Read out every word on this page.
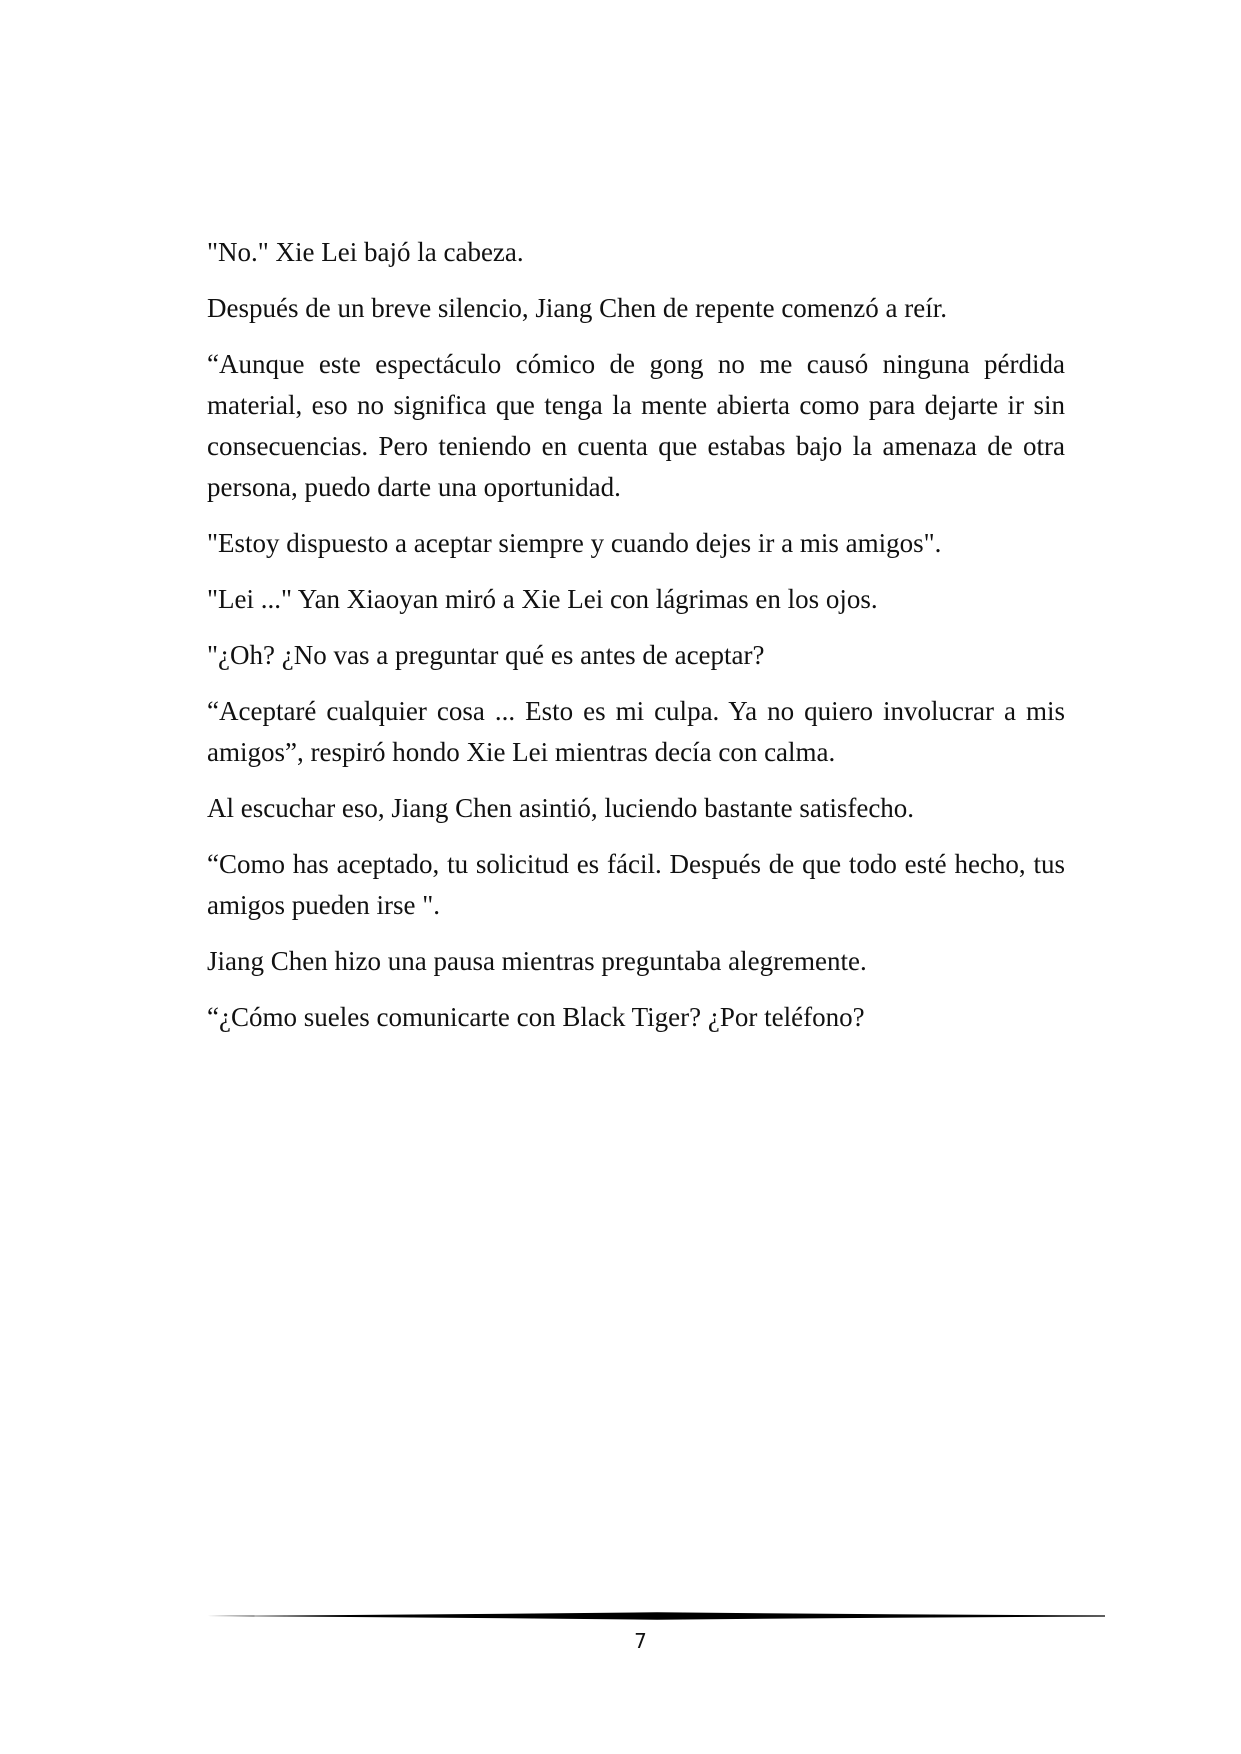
"No." Xie Lei bajó la cabeza.

Después de un breve silencio, Jiang Chen de repente comenzó a reír.

“Aunque este espectáculo cómico de gong no me causó ninguna pérdida material, eso no significa que tenga la mente abierta como para dejarte ir sin consecuencias. Pero teniendo en cuenta que estabas bajo la amenaza de otra persona, puedo darte una oportunidad.

"Estoy dispuesto a aceptar siempre y cuando dejes ir a mis amigos".

"Lei ..." Yan Xiaoyan miró a Xie Lei con lágrimas en los ojos.

"¿Oh? ¿No vas a preguntar qué es antes de aceptar?

“Aceptaré cualquier cosa ... Esto es mi culpa. Ya no quiero involucrar a mis amigos”, respiró hondo Xie Lei mientras decía con calma.

Al escuchar eso, Jiang Chen asintió, luciendo bastante satisfecho.

“Como has aceptado, tu solicitud es fácil. Después de que todo esté hecho, tus amigos pueden irse ".

Jiang Chen hizo una pausa mientras preguntaba alegremente.

“¿Cómo sueles comunicarte con Black Tiger? ¿Por teléfono?

7
